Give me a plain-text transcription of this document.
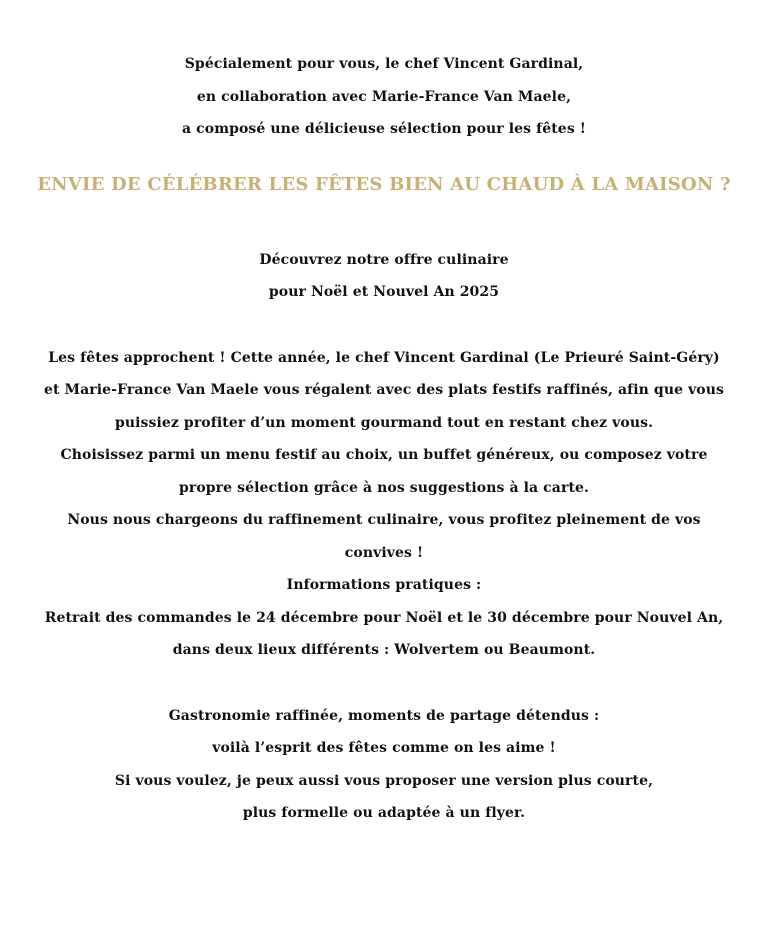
Spécialement pour vous, le chef Vincent Gardinal,
en collaboration avec Marie-France Van Maele,
a composé une délicieuse sélection pour les fêtes !
ENVIE DE CÉLÉBRER LES FÊTES BIEN AU CHAUD À LA MAISON ?
Découvrez notre offre culinaire
pour Noël et Nouvel An 2025
Les fêtes approchent ! Cette année, le chef Vincent Gardinal (Le Prieuré Saint-Géry)
et Marie-France Van Maele vous régalent avec des plats festifs raffinés, afin que vous
puissiez profiter d’un moment gourmand tout en restant chez vous.
Choisissez parmi un menu festif au choix, un buffet généreux, ou composez votre
propre sélection grâce à nos suggestions à la carte.
Nous nous chargeons du raffinement culinaire, vous profitez pleinement de vos
convives !
Informations pratiques :
Retrait des commandes le 24 décembre pour Noël et le 30 décembre pour Nouvel An,
dans deux lieux différents : Wolvertem ou Beaumont.
Gastronomie raffinée, moments de partage détendus :
voilà l’esprit des fêtes comme on les aime !
Si vous voulez, je peux aussi vous proposer une version plus courte,
plus formelle ou adaptée à un flyer.
